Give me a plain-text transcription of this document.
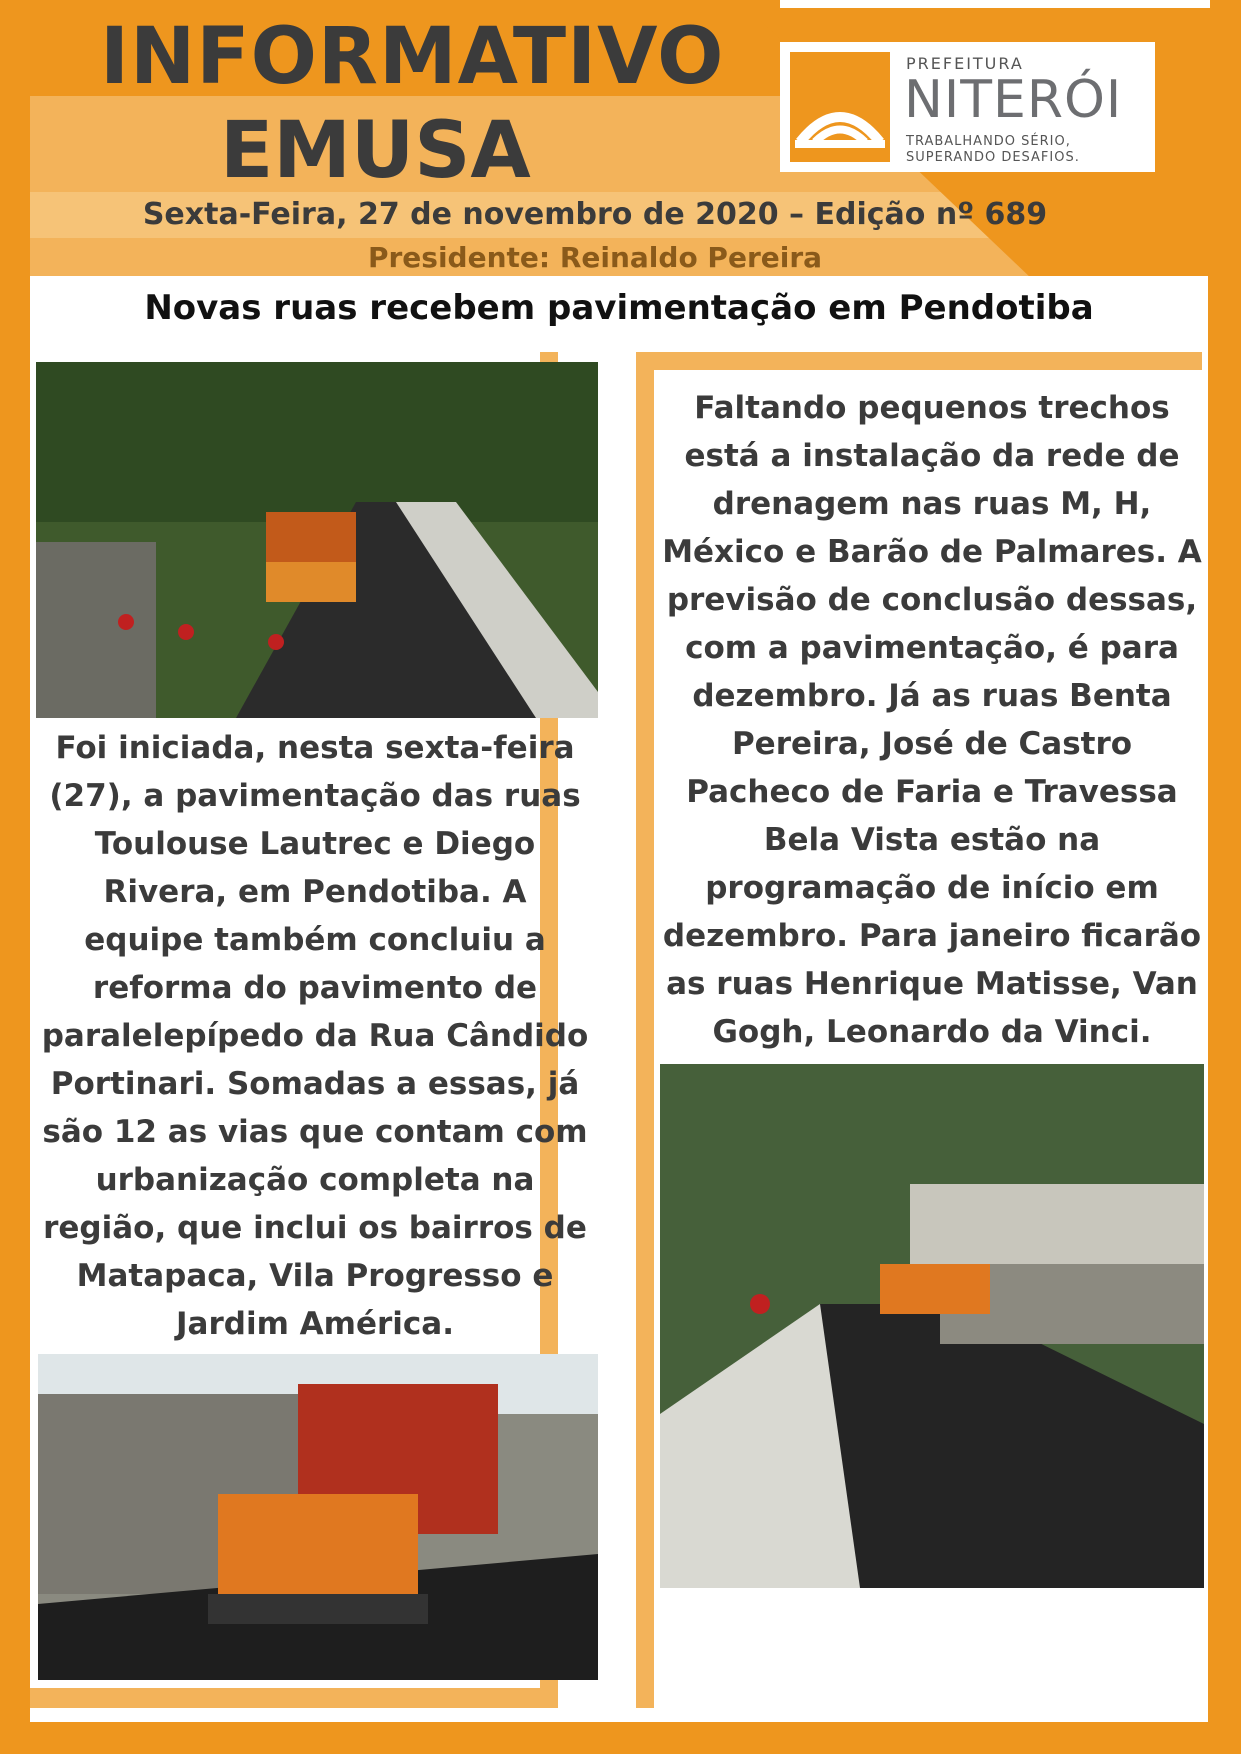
INFORMATIVO
EMUSA
Sexta-Feira, 27 de novembro de 2020 – Edição nº 689
Presidente: Reinaldo Pereira
PREFEITURA
NITERÓI
TRABALHANDO SÉRIO,
SUPERANDO DESAFIOS.
Novas ruas recebem pavimentação em Pendotiba
Foi iniciada, nesta sexta-feira (27), a pavimentação das ruas Toulouse Lautrec e Diego Rivera, em Pendotiba. A equipe também concluiu a reforma do pavimento de paralelepípedo da Rua Cândido Portinari. Somadas a essas, já são 12 as vias que contam com urbanização completa na região, que inclui os bairros de Matapaca, Vila Progresso e Jardim América.
Faltando pequenos trechos está a instalação da rede de drenagem nas ruas M, H, México e Barão de Palmares. A previsão de conclusão dessas, com a pavimentação, é para dezembro. Já as ruas Benta Pereira, José de Castro Pacheco de Faria e Travessa Bela Vista estão na programação de início em dezembro. Para janeiro ficarão as ruas Henrique Matisse, Van Gogh, Leonardo da Vinci.
Edição: Viviane Biteti
Redação: Ana Claudia Mesquita e Brenda Talon
